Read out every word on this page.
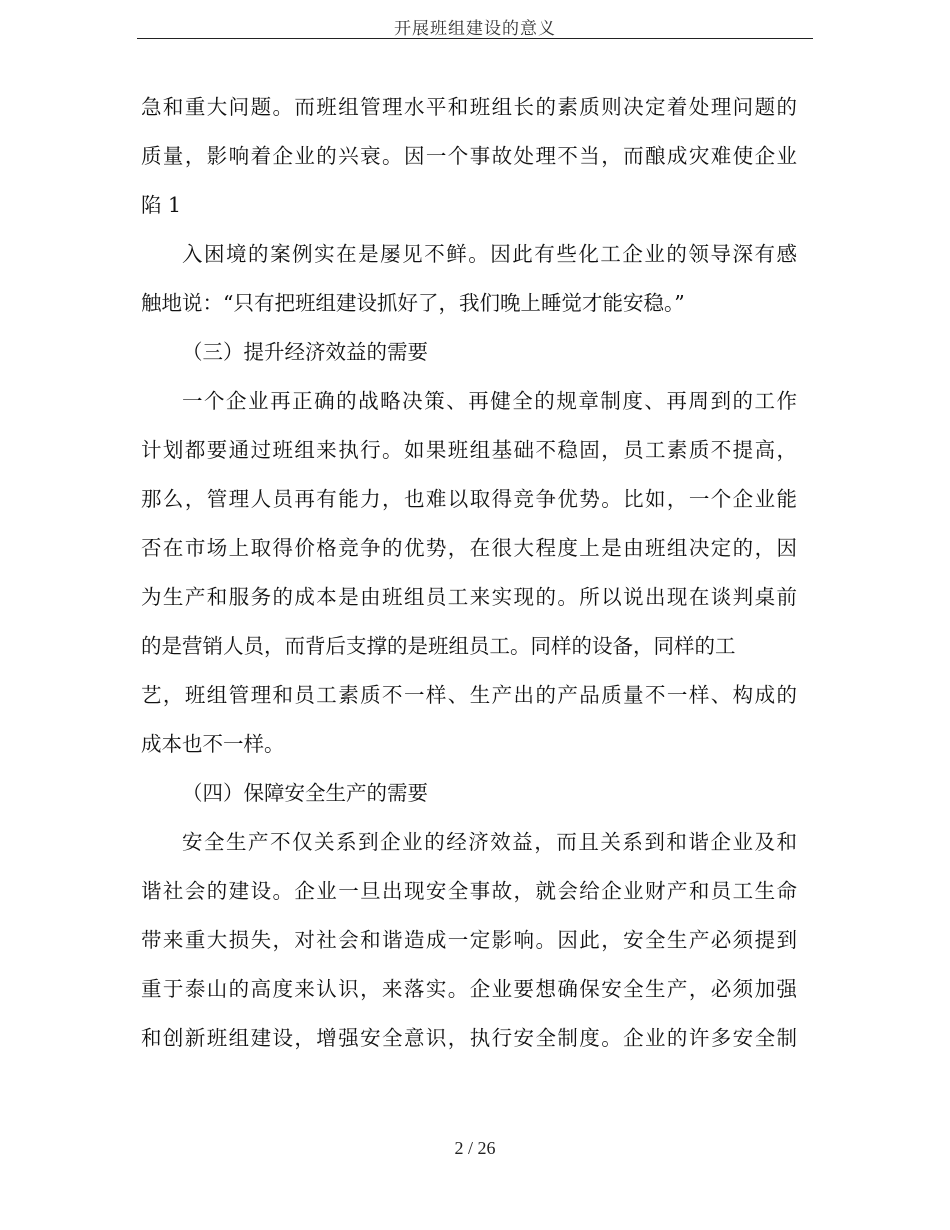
开展班组建设的意义
急和重大问题。而班组管理水平和班组长的素质则决定着处理问题的
质量，影响着企业的兴衰。因一个事故处理不当，而酿成灾难使企业
陷 1
入困境的案例实在是屡见不鲜。因此有些化工企业的领导深有感
触地说：“只有把班组建设抓好了，我们晚上睡觉才能安稳。”
（三）提升经济效益的需要
一个企业再正确的战略决策、再健全的规章制度、再周到的工作
计划都要通过班组来执行。如果班组基础不稳固，员工素质不提高，
那么，管理人员再有能力，也难以取得竞争优势。比如，一个企业能
否在市场上取得价格竞争的优势，在很大程度上是由班组决定的，因
为生产和服务的成本是由班组员工来实现的。所以说出现在谈判桌前
的是营销人员，而背后支撑的是班组员工。同样的设备，同样的工
艺，班组管理和员工素质不一样、生产出的产品质量不一样、构成的
成本也不一样。
（四）保障安全生产的需要
安全生产不仅关系到企业的经济效益，而且关系到和谐企业及和
谐社会的建设。企业一旦出现安全事故，就会给企业财产和员工生命
带来重大损失，对社会和谐造成一定影响。因此，安全生产必须提到
重于泰山的高度来认识，来落实。企业要想确保安全生产，必须加强
和创新班组建设，增强安全意识，执行安全制度。企业的许多安全制
2 / 26
